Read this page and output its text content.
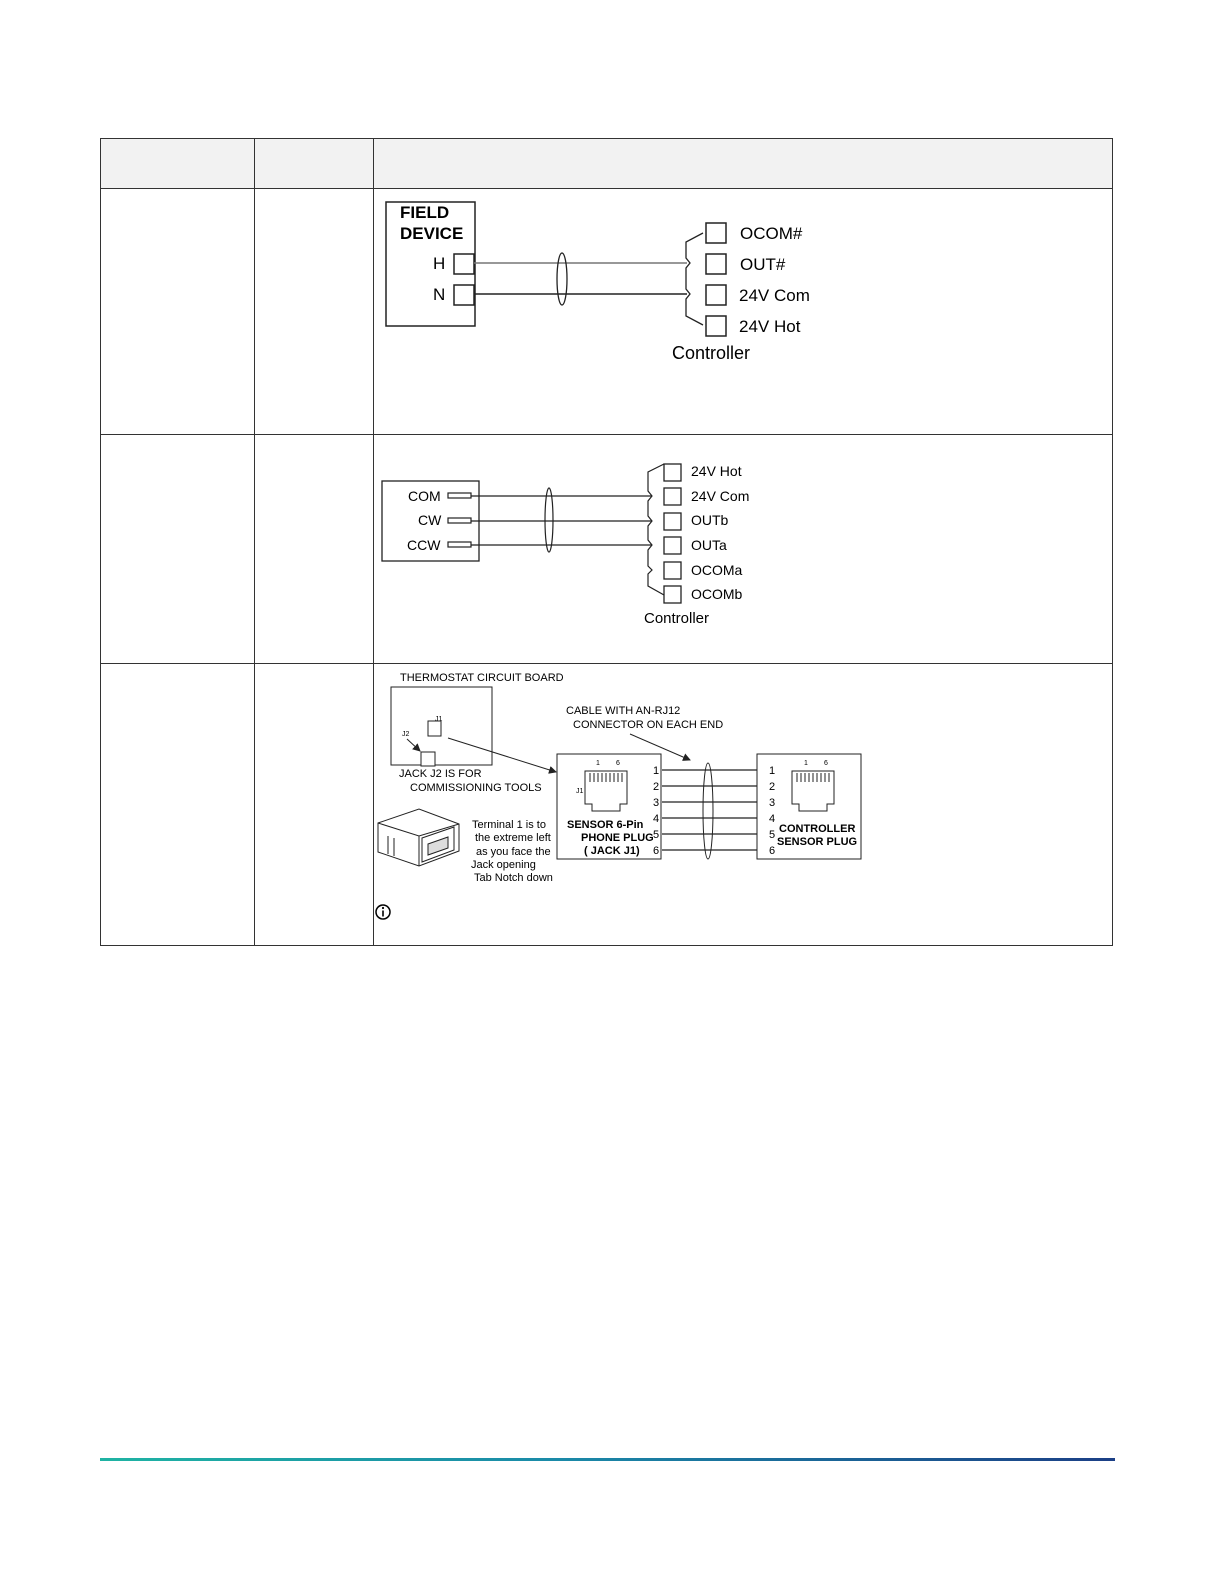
FIELD
DEVICE
H
N
OCOM#
OUT#
24V Com
24V Hot
Controller
COM
CW
CCW
24V Hot
24V Com
OUTb
OUTa
OCOMa
OCOMb
Controller
THERMOSTAT CIRCUIT BOARD
J1
J2
JACK J2 IS FOR
COMMISSIONING TOOLS
CABLE WITH AN-RJ12
CONNECTOR ON EACH END
1 6
J1
SENSOR 6-Pin
PHONE PLUG
( JACK J1)
1
2
3
4
5
6
1 6
1
2
3
4
5
6
CONTROLLER
SENSOR PLUG
Terminal 1 is to
the extreme left
as you face the
Jack opening
Tab Notch down
